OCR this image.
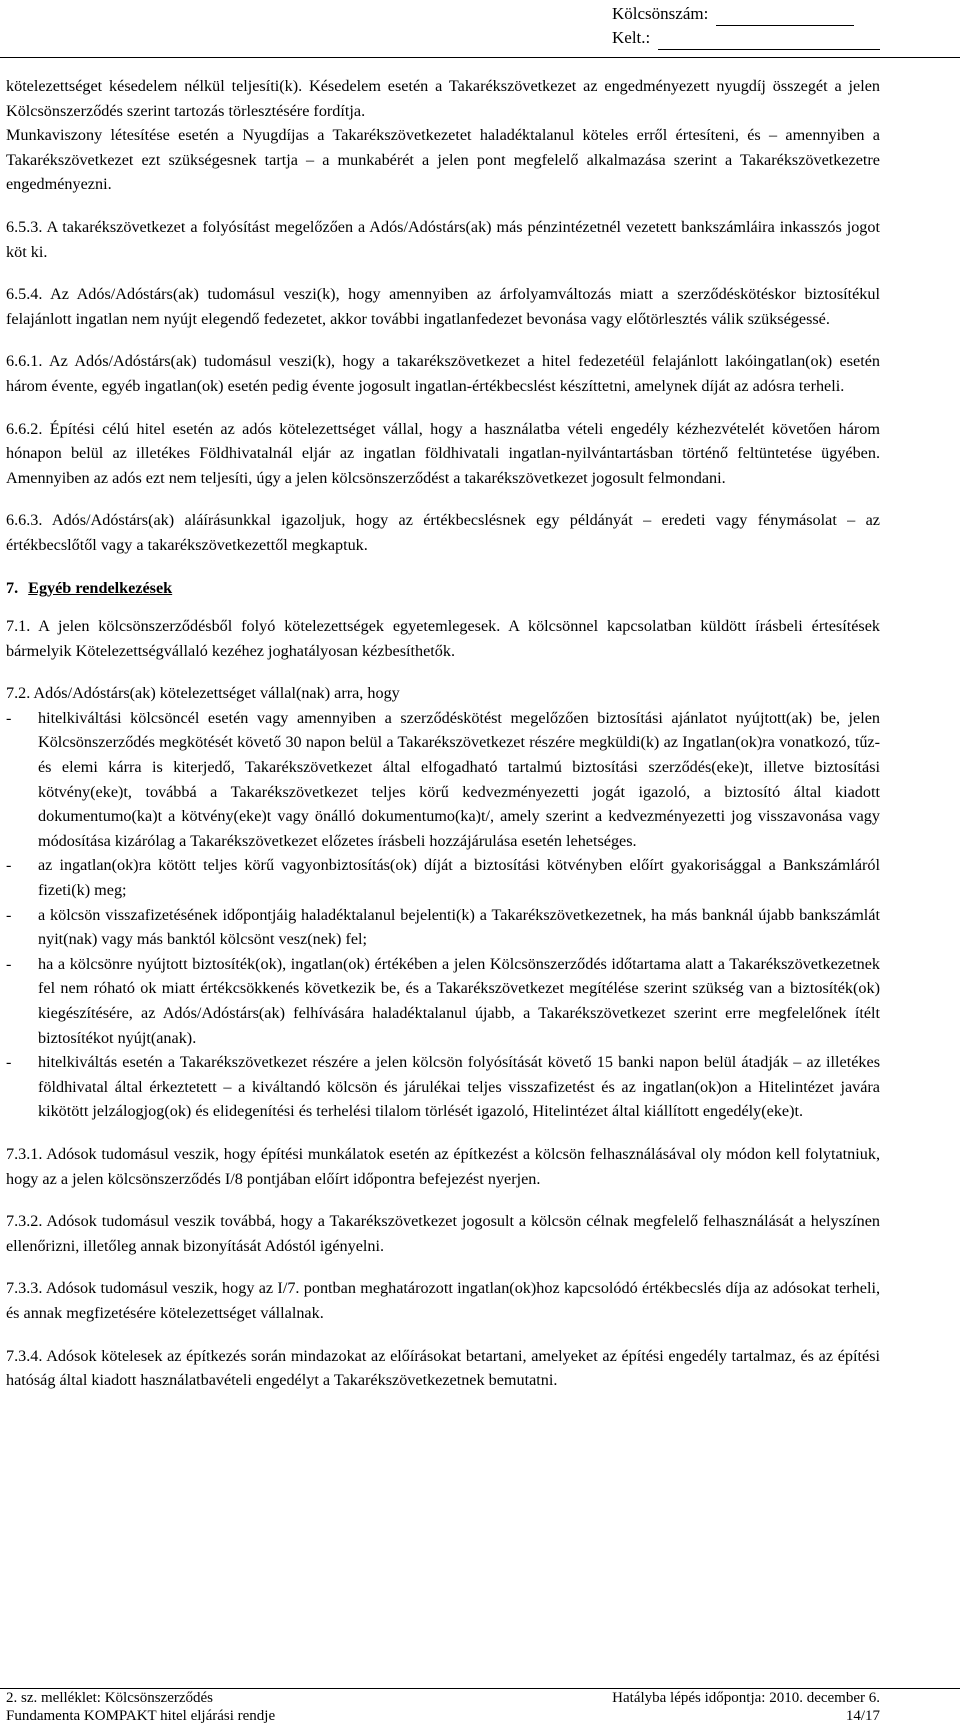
Kölcsönszám:
Kelt.:

kötelezettséget késedelem nélkül teljesíti(k). Késedelem esetén a Takarékszövetkezet az engedményezett nyugdíj összegét a jelen Kölcsönszerződés szerint tartozás törlesztésére fordítja.

Munkaviszony létesítése esetén a Nyugdíjas a Takarékszövetkezetet haladéktalanul köteles erről értesíteni, és – amennyiben a Takarékszövetkezet ezt szükségesnek tartja – a munkabérét a jelen pont megfelelő alkalmazása szerint a Takarékszövetkezetre engedményezni.

6.5.3. A takarékszövetkezet a folyósítást megelőzően a Adós/Adóstárs(ak) más pénzintézetnél vezetett bankszámláira inkasszós jogot köt ki.

6.5.4. Az Adós/Adóstárs(ak) tudomásul veszi(k), hogy amennyiben az árfolyamváltozás miatt a szerződéskötéskor biztosítékul felajánlott ingatlan nem nyújt elegendő fedezetet, akkor további ingatlanfedezet bevonása vagy előtörlesztés válik szükségessé.

6.6.1. Az Adós/Adóstárs(ak) tudomásul veszi(k), hogy a takarékszövetkezet a hitel fedezetéül felajánlott lakóingatlan(ok) esetén három évente, egyéb ingatlan(ok) esetén pedig évente jogosult ingatlan-értékbecslést készíttetni, amelynek díját az adósra terheli.

6.6.2. Építési célú hitel esetén az adós kötelezettséget vállal, hogy a használatba vételi engedély kézhezvételét követően három hónapon belül az illetékes Földhivatalnál eljár az ingatlan földhivatali ingatlan-nyilvántartásban történő feltüntetése ügyében. Amennyiben az adós ezt nem teljesíti, úgy a jelen kölcsönszerződést a takarékszövetkezet jogosult felmondani.

6.6.3. Adós/Adóstárs(ak) aláírásunkkal igazoljuk, hogy az értékbecslésnek egy példányát – eredeti vagy fénymásolat – az értékbecslőtől vagy a takarékszövetkezettől megkaptuk.

7. Egyéb rendelkezések

7.1. A jelen kölcsönszerződésből folyó kötelezettségek egyetemlegesek. A kölcsönnel kapcsolatban küldött írásbeli értesítések bármelyik Kötelezettségvállaló kezéhez joghatályosan kézbesíthetők.

7.2. Adós/Adóstárs(ak) kötelezettséget vállal(nak) arra, hogy

- hitelkiváltási kölcsöncél esetén vagy amennyiben a szerződéskötést megelőzően biztosítási ajánlatot nyújtott(ak) be, jelen Kölcsönszerződés megkötését követő 30 napon belül a Takarékszövetkezet részére megküldi(k) az Ingatlan(ok)ra vonatkozó, tűz- és elemi kárra is kiterjedő, Takarékszövetkezet által elfogadható tartalmú biztosítási szerződés(eke)t, illetve biztosítási kötvény(eke)t, továbbá a Takarékszövetkezet teljes körű kedvezményezetti jogát igazoló, a biztosító által kiadott dokumentumo(ka)t a kötvény(eke)t vagy önálló dokumentumo(ka)t/, amely szerint a kedvezményezetti jog visszavonása vagy módosítása kizárólag a Takarékszövetkezet előzetes írásbeli hozzájárulása esetén lehetséges.
- az ingatlan(ok)ra kötött teljes körű vagyonbiztosítás(ok) díját a biztosítási kötvényben előírt gyakorisággal a Bankszámláról fizeti(k) meg;
- a kölcsön visszafizetésének időpontjáig haladéktalanul bejelenti(k) a Takarékszövetkezetnek, ha más banknál újabb bankszámlát nyit(nak) vagy más banktól kölcsönt vesz(nek) fel;
- ha a kölcsönre nyújtott biztosíték(ok), ingatlan(ok) értékében a jelen Kölcsönszerződés időtartama alatt a Takarékszövetkezetnek fel nem róható ok miatt értékcsökkenés következik be, és a Takarékszövetkezet megítélése szerint szükség van a biztosíték(ok) kiegészítésére, az Adós/Adóstárs(ak) felhívására haladéktalanul újabb, a Takarékszövetkezet szerint erre megfelelőnek ítélt biztosítékot nyújt(anak).
- hitelkiváltás esetén a Takarékszövetkezet részére a jelen kölcsön folyósítását követő 15 banki napon belül átadják – az illetékes földhivatal által érkeztetett – a kiváltandó kölcsön és járulékai teljes visszafizetést és az ingatlan(ok)on a Hitelintézet javára kikötött jelzálogjog(ok) és elidegenítési és terhelési tilalom törlését igazoló, Hitelintézet által kiállított engedély(eke)t.

7.3.1. Adósok tudomásul veszik, hogy építési munkálatok esetén az építkezést a kölcsön felhasználásával oly módon kell folytatniuk, hogy az a jelen kölcsönszerződés I/8 pontjában előírt időpontra befejezést nyerjen.

7.3.2. Adósok tudomásul veszik továbbá, hogy a Takarékszövetkezet jogosult a kölcsön célnak megfelelő felhasználását a helyszínen ellenőrizni, illetőleg annak bizonyítását Adóstól igényelni.

7.3.3. Adósok tudomásul veszik, hogy az I/7. pontban meghatározott ingatlan(ok)hoz kapcsolódó értékbecslés díja az adósokat terheli, és annak megfizetésére kötelezettséget vállalnak.

7.3.4. Adósok kötelesek az építkezés során mindazokat az előírásokat betartani, amelyeket az építési engedély tartalmaz, és az építési hatóság által kiadott használatbavételi engedélyt a Takarékszövetkezetnek bemutatni.

2. sz. melléklet: Kölcsönszerződés	Hatályba lépés időpontja: 2010. december 6.
Fundamenta KOMPAKT hitel eljárási rendje	14/17
